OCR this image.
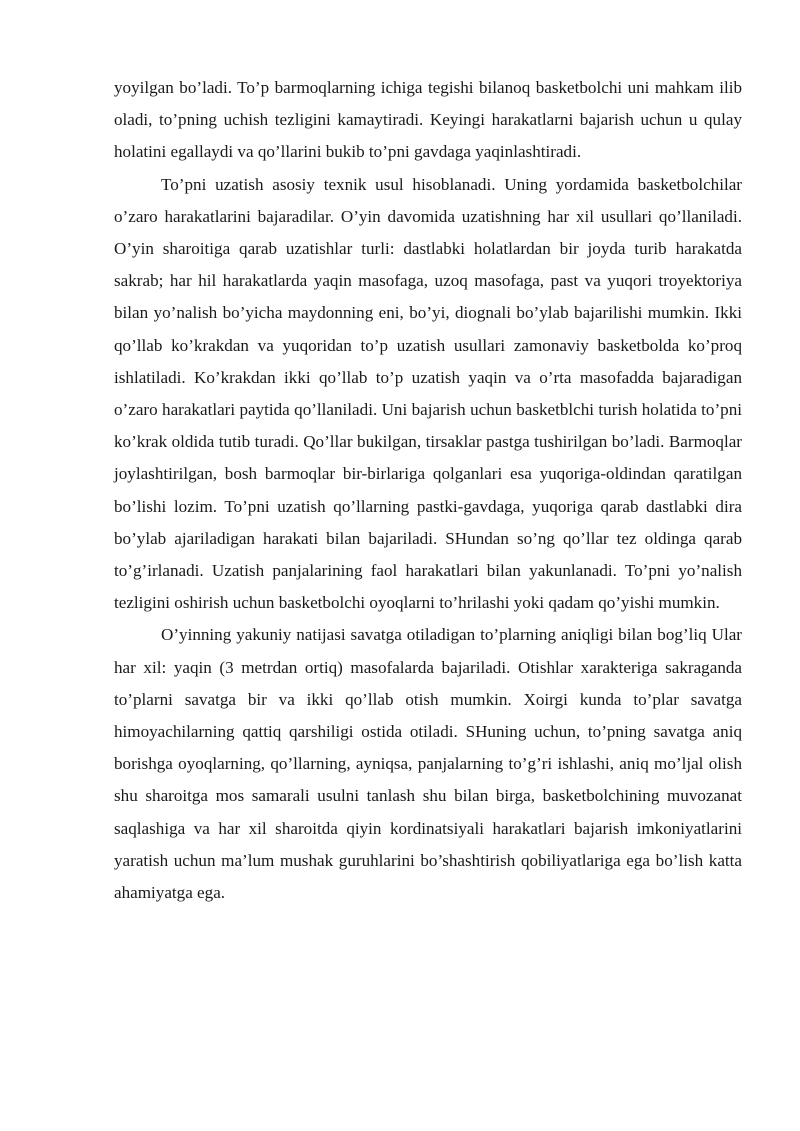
yoyilgan bo’ladi. To’p barmoqlarning ichiga tegishi bilanoq basketbolchi uni mahkam ilib oladi, to’pning uchish tezligini kamaytiradi. Keyingi harakatlarni bajarish uchun u qulay holatini egallaydi va qo’llarini bukib to’pni gavdaga yaqinlashtiradi.

To’pni uzatish asosiy texnik usul hisoblanadi. Uning yordamida basketbolchilar o’zaro harakatlarini bajaradilar. O’yin davomida uzatishning har xil usullari qo’llaniladi. O’yin sharoitiga qarab uzatishlar turli: dastlabki holatlardan bir joyda turib harakatda sakrab; har hil harakatlarda yaqin masofaga, uzoq masofaga, past va yuqori troyektoriya bilan yo’nalish bo’yicha maydonning eni, bo’yi, diognali bo’ylab bajarilishi mumkin. Ikki qo’llab ko’krakdan va yuqoridan to’p uzatish usullari zamonaviy basketbolda ko’proq ishlatiladi. Ko’krakdan ikki qo’llab to’p uzatish yaqin va o’rta masofadda bajaradigan o’zaro harakatlari paytida qo’llaniladi. Uni bajarish uchun basketblchi turish holatida to’pni ko’krak oldida tutib turadi. Qo’llar bukilgan, tirsaklar pastga tushirilgan bo’ladi. Barmoqlar joylashtirilgan, bosh barmoqlar bir-birlariga qolganlari esa yuqoriga-oldindan qaratilgan bo’lishi lozim. To’pni uzatish qo’llarning pastki-gavdaga, yuqoriga qarab dastlabki dira bo’ylab ajariladigan harakati bilan bajariladi. SHundan so’ng qo’llar tez oldinga qarab to’g’irlanadi. Uzatish panjalarining faol harakatlari bilan yakunlanadi. To’pni yo’nalish tezligini oshirish uchun basketbolchi oyoqlarni to’hrilashi yoki qadam qo’yishi mumkin.

O’yinning yakuniy natijasi savatga otiladigan to’plarning aniqligi bilan bog’liq Ular har xil: yaqin (3 metrdan ortiq) masofalarda bajariladi. Otishlar xarakteriga sakraganda to’plarni savatga bir va ikki qo’llab otish mumkin. Xoirgi kunda to’plar savatga himoyachilarning qattiq qarshiligi ostida otiladi. SHuning uchun, to’pning savatga aniq borishga oyoqlarning, qo’llarning, ayniqsa, panjalarning to’g’ri ishlashi, aniq mo’ljal olish shu sharoitga mos samarali usulni tanlash shu bilan birga, basketbolchining muvozanat saqlashiga va har xil sharoitda qiyin kordinatsiyali harakatlari bajarish imkoniyatlarini yaratish uchun ma’lum mushak guruhlarini bo’shashtirish qobiliyatlariga ega bo’lish katta ahamiyatga ega.
